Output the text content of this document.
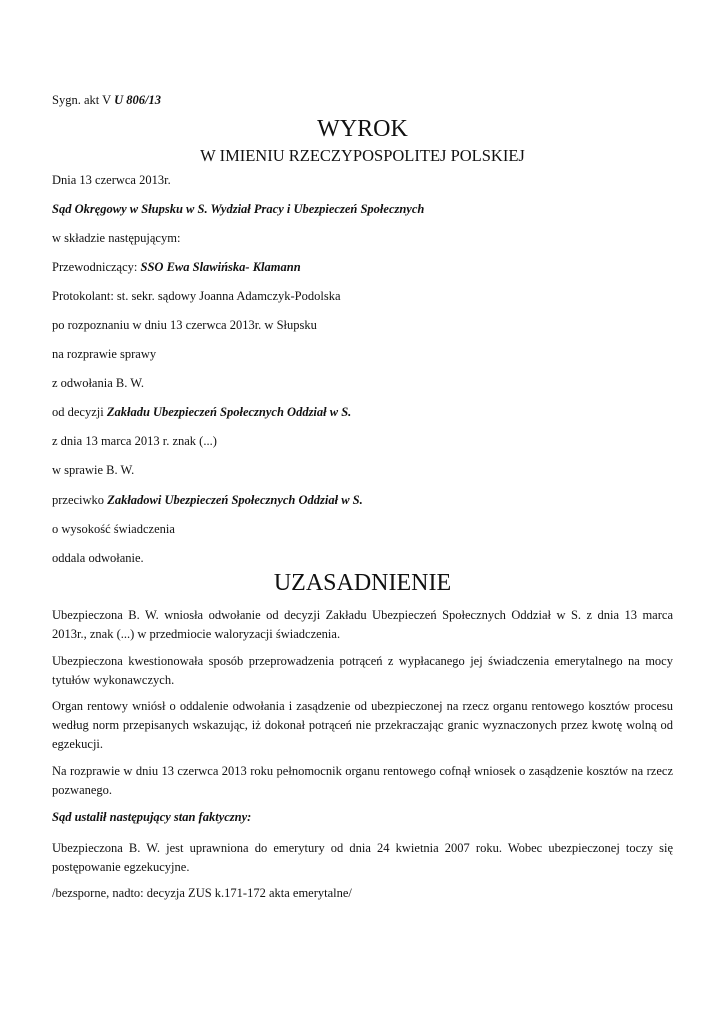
Sygn. akt V U 806/13
WYROK
W IMIENIU RZECZYPOSPOLITEJ POLSKIEJ
Dnia 13 czerwca 2013r.
Sąd Okręgowy w Słupsku w S. Wydział Pracy i Ubezpieczeń Społecznych
w składzie następującym:
Przewodniczący: SSO Ewa Slawińska- Klamann
Protokolant: st. sekr. sądowy Joanna Adamczyk-Podolska
po rozpoznaniu w dniu 13 czerwca 2013r. w Słupsku
na rozprawie sprawy
z odwołania B. W.
od decyzji Zakładu Ubezpieczeń Społecznych Oddział w S.
z dnia 13 marca 2013 r. znak (...)
w sprawie B. W.
przeciwko Zakładowi Ubezpieczeń Społecznych Oddział w S.
o wysokość świadczenia
oddala odwołanie.
UZASADNIENIE
Ubezpieczona B. W. wniosła odwołanie od decyzji Zakładu Ubezpieczeń Społecznych Oddział w S. z dnia 13 marca 2013r., znak (...) w przedmiocie waloryzacji świadczenia.
Ubezpieczona kwestionowała sposób przeprowadzenia potrąceń z wypłacanego jej świadczenia emerytalnego na mocy tytułów wykonawczych.
Organ rentowy wniósł o oddalenie odwołania i zasądzenie od ubezpieczonej na rzecz organu rentowego kosztów procesu według norm przepisanych wskazując, iż dokonał potrąceń nie przekraczając granic wyznaczonych przez kwotę wolną od egzekucji.
Na rozprawie w dniu 13 czerwca 2013 roku pełnomocnik organu rentowego cofnął wniosek o zasądzenie kosztów na rzecz pozwanego.
Sąd ustalił następujący stan faktyczny:
Ubezpieczona B. W. jest uprawniona do emerytury od dnia 24 kwietnia 2007 roku. Wobec ubezpieczonej toczy się postępowanie egzekucyjne.
/bezsporne, nadto: decyzja ZUS k.171-172 akta emerytalne/
